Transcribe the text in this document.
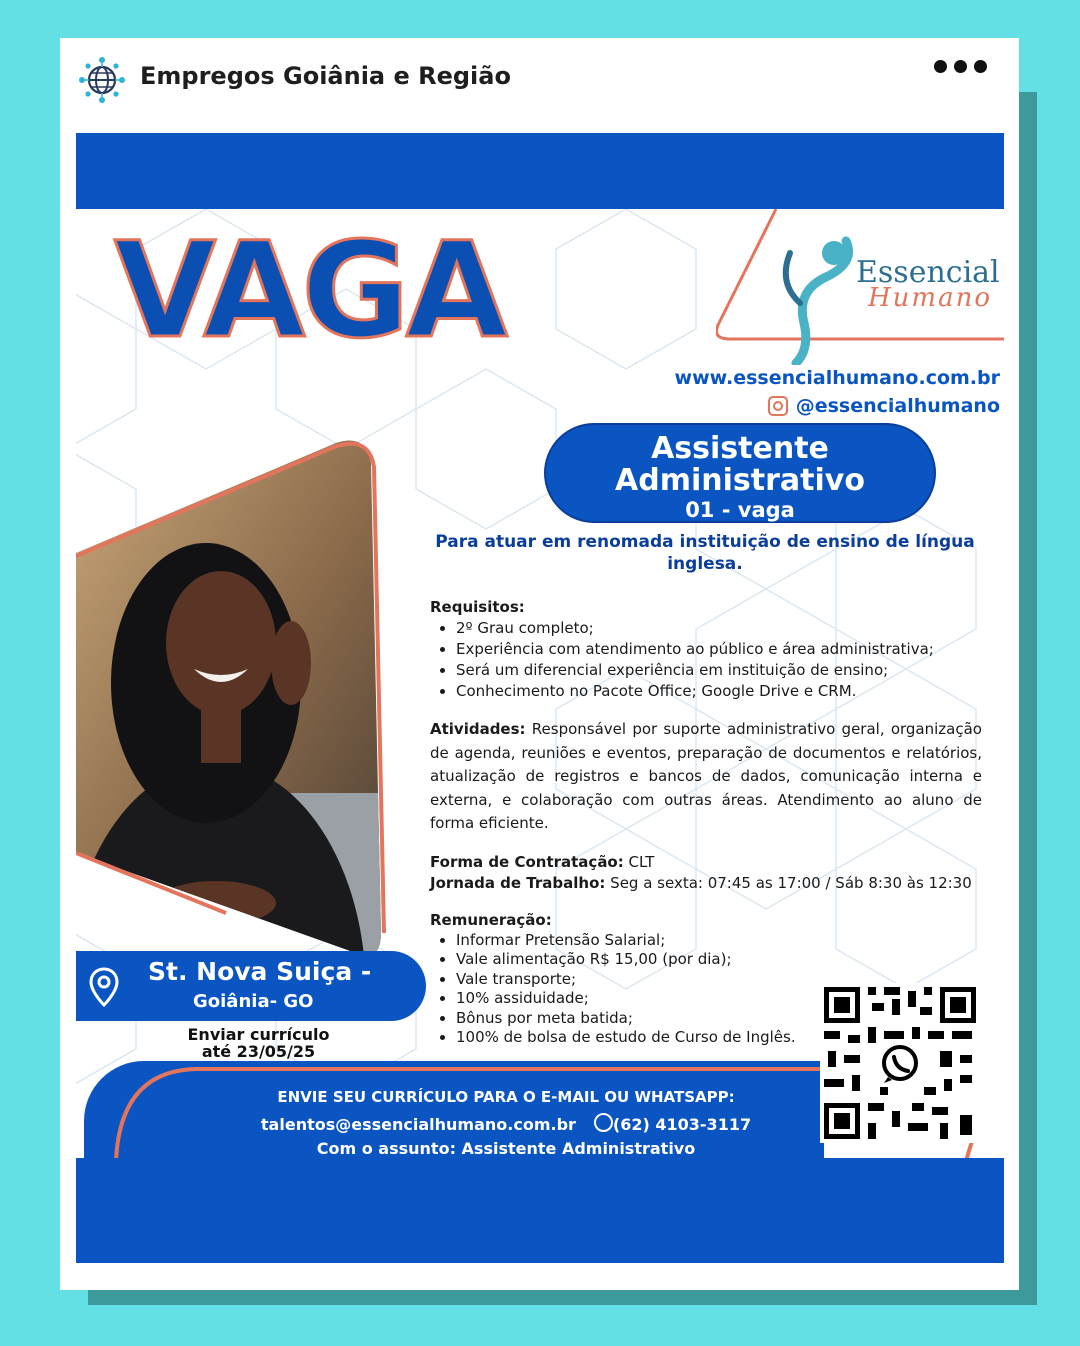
Empregos Goiânia e Região
VAGA	Essencial
Humano
www.essencialhumano.com.br
@essencialhumano
Assistente
Administrativo
01 - vaga
Para atuar em renomada instituição de ensino de língua inglesa.
Requisitos:
• 2º Grau completo;
• Experiência com atendimento ao público e área administrativa;
• Será um diferencial experiência em instituição de ensino;
• Conhecimento no Pacote Office; Google Drive e CRM.
Atividades: Responsável por suporte administrativo geral, organização de agenda, reuniões e eventos, preparação de documentos e relatórios, atualização de registros e bancos de dados, comunicação interna e externa, e colaboração com outras áreas. Atendimento ao aluno de forma eficiente.
Forma de Contratação: CLT
Jornada de Trabalho: Seg a sexta: 07:45 as 17:00 / Sáb 8:30 às 12:30
Remuneração:
• Informar Pretensão Salarial;
• Vale alimentação R$ 15,00 (por dia);
• Vale transporte;
• 10% assiduidade;
• Bônus por meta batida;
• 100% de bolsa de estudo de Curso de Inglês.
St. Nova Suiça -
Goiânia- GO
Enviar currículo
até 23/05/25
ENVIE SEU CURRÍCULO PARA O E-MAIL OU WHATSAPP:
talentos@essencialhumano.com.br (62) 4103-3117
Com o assunto: Assistente Administrativo
